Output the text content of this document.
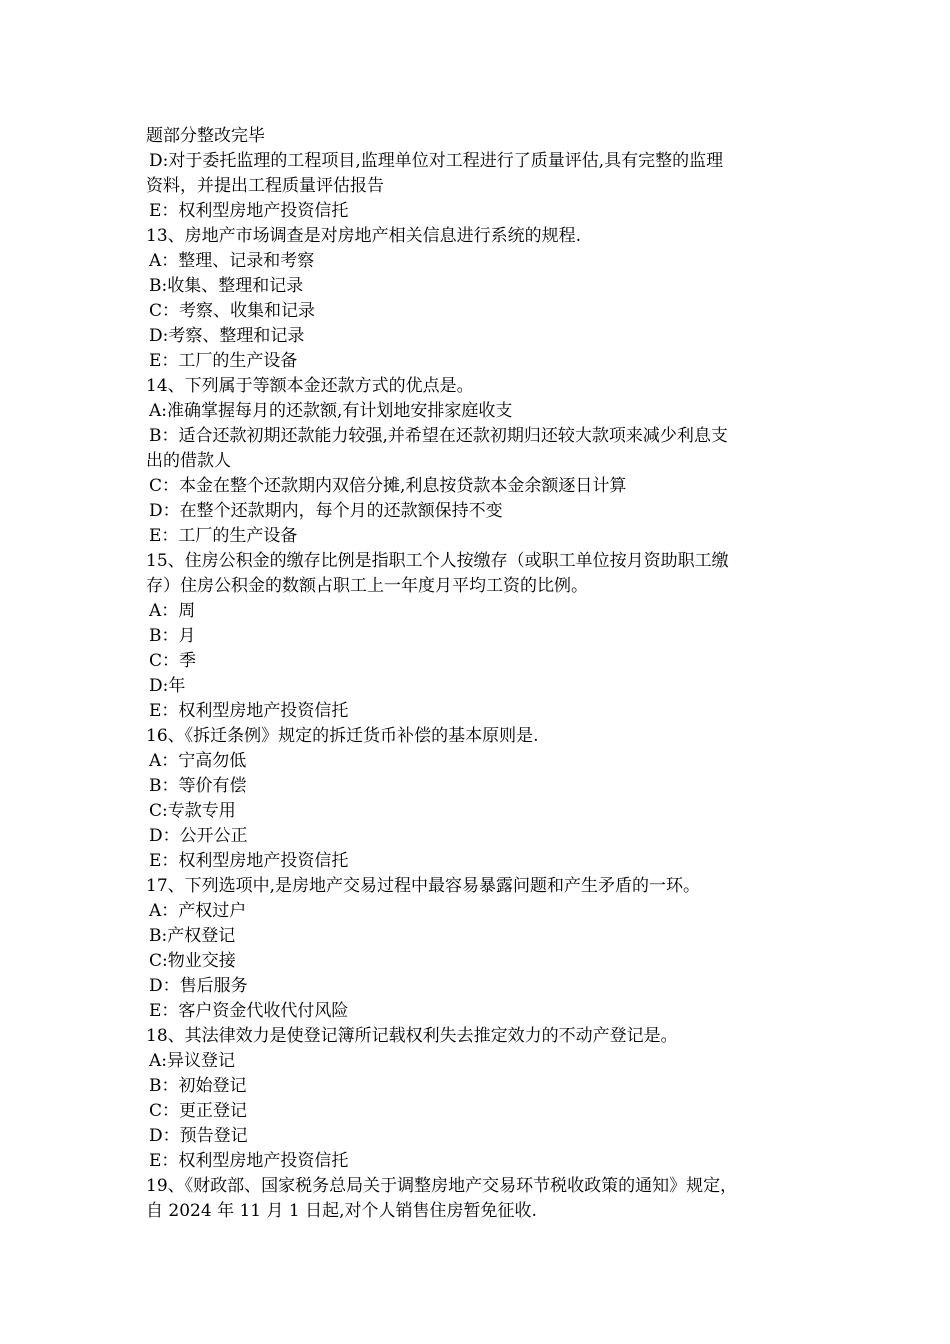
题部分整改完毕
D:对于委托监理的工程项目,监理单位对工程进行了质量评估,具有完整的监理
资料，并提出工程质量评估报告
E：权利型房地产投资信托
13、房地产市场调查是对房地产相关信息进行系统的规程.
A：整理、记录和考察
B:收集、整理和记录
C：考察、收集和记录
D:考察、整理和记录
E：工厂的生产设备
14、下列属于等额本金还款方式的优点是。
A:准确掌握每月的还款额,有计划地安排家庭收支
B：适合还款初期还款能力较强,并希望在还款初期归还较大款项来减少利息支
出的借款人
C：本金在整个还款期内双倍分摊,利息按贷款本金余额逐日计算
D：在整个还款期内，每个月的还款额保持不变
E：工厂的生产设备
15、住房公积金的缴存比例是指职工个人按缴存（或职工单位按月资助职工缴
存）住房公积金的数额占职工上一年度月平均工资的比例。
A：周
B：月
C：季
D:年
E：权利型房地产投资信托
16、《拆迁条例》规定的拆迁货币补偿的基本原则是.
A：宁高勿低
B：等价有偿
C:专款专用
D：公开公正
E：权利型房地产投资信托
17、下列选项中,是房地产交易过程中最容易暴露问题和产生矛盾的一环。
A：产权过户
B:产权登记
C:物业交接
D：售后服务
E：客户资金代收代付风险
18、其法律效力是使登记簿所记载权利失去推定效力的不动产登记是。
A:异议登记
B：初始登记
C：更正登记
D：预告登记
E：权利型房地产投资信托
19、《财政部、国家税务总局关于调整房地产交易环节税收政策的通知》规定，
自 2024 年 11 月 1 日起,对个人销售住房暂免征收.
